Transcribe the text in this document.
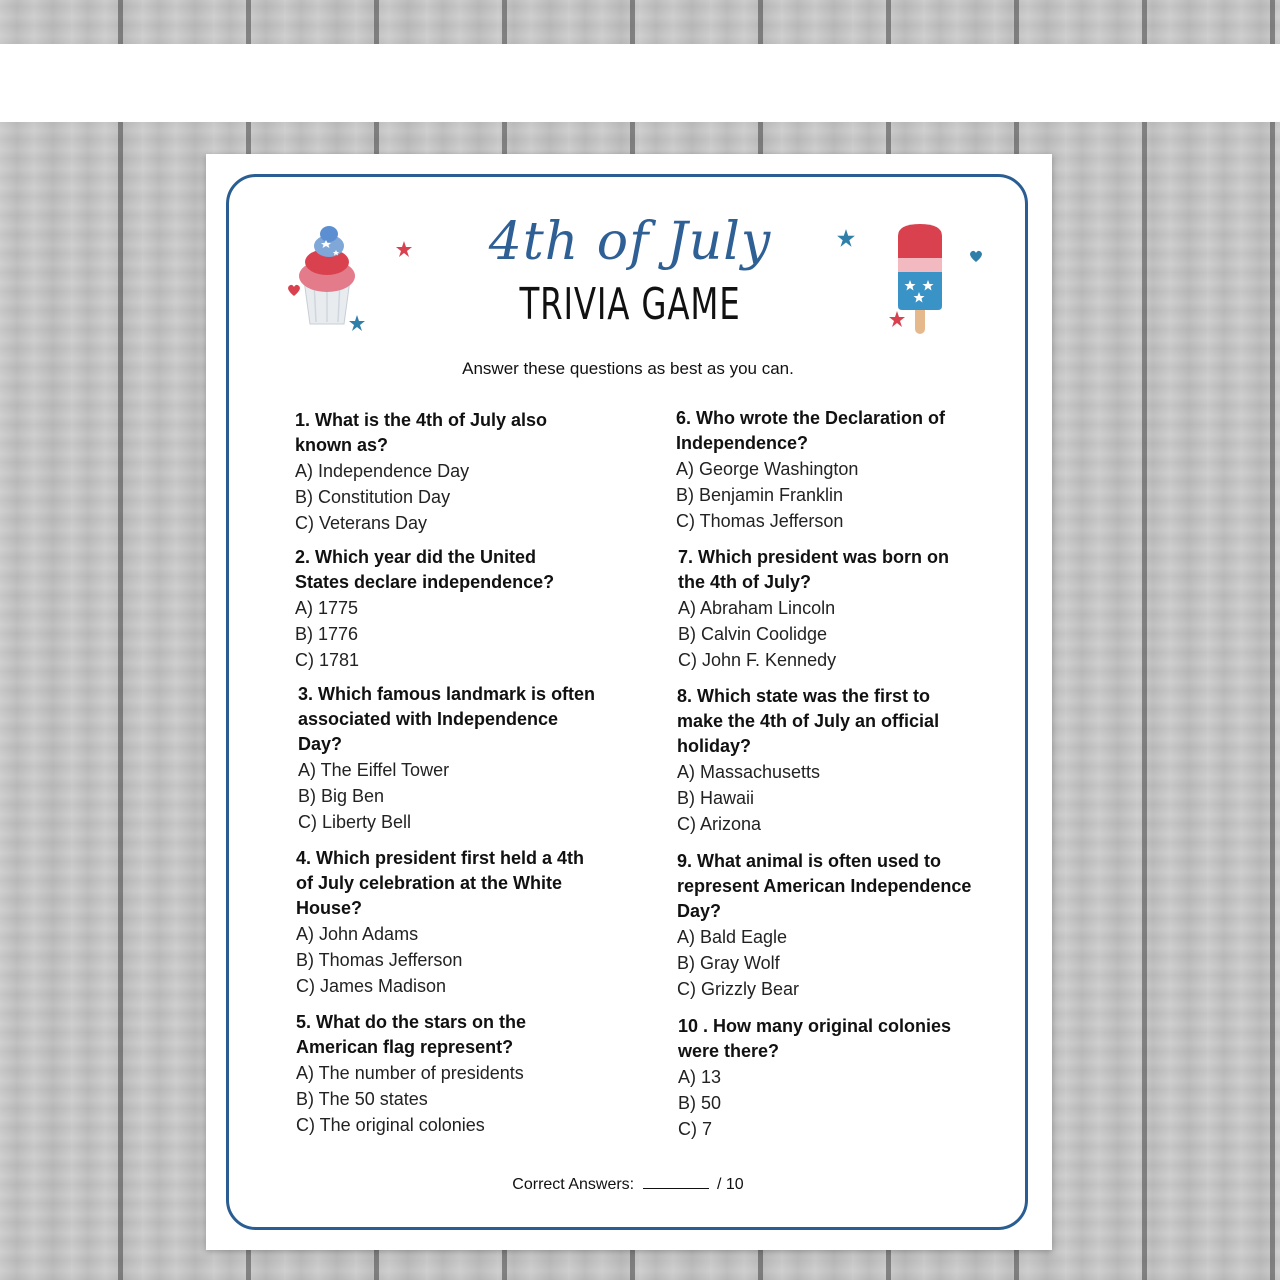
4th of July
TRIVIA GAME
Answer these questions as best as you can.

1. What is the 4th of July also known as?

A) Independence Day

B) Constitution Day

C) Veterans Day

2. Which year did the United States declare independence?

A) 1775

B) 1776

C) 1781

3. Which famous landmark is often associated with Independence Day?

A) The Eiffel Tower

B) Big Ben

C) Liberty Bell

4. Which president first held a 4th of July celebration at the White House?

A) John Adams

B) Thomas Jefferson

C) James Madison

5. What do the stars on the American flag represent?

A) The number of presidents

B) The 50 states

C) The original colonies

6. Who wrote the Declaration of Independence?

A) George Washington

B) Benjamin Franklin

C) Thomas Jefferson

7. Which president was born on the 4th of July?

A) Abraham Lincoln

B) Calvin Coolidge

C) John F. Kennedy

8. Which state was the first to make the 4th of July an official holiday?

A) Massachusetts

B) Hawaii

C) Arizona

9. What animal is often used to represent American Independence Day?

A) Bald Eagle

B) Gray Wolf

C) Grizzly Bear

10 . How many original colonies were there?

A) 13

B) 50

C) 7

Correct Answers:	/ 10
